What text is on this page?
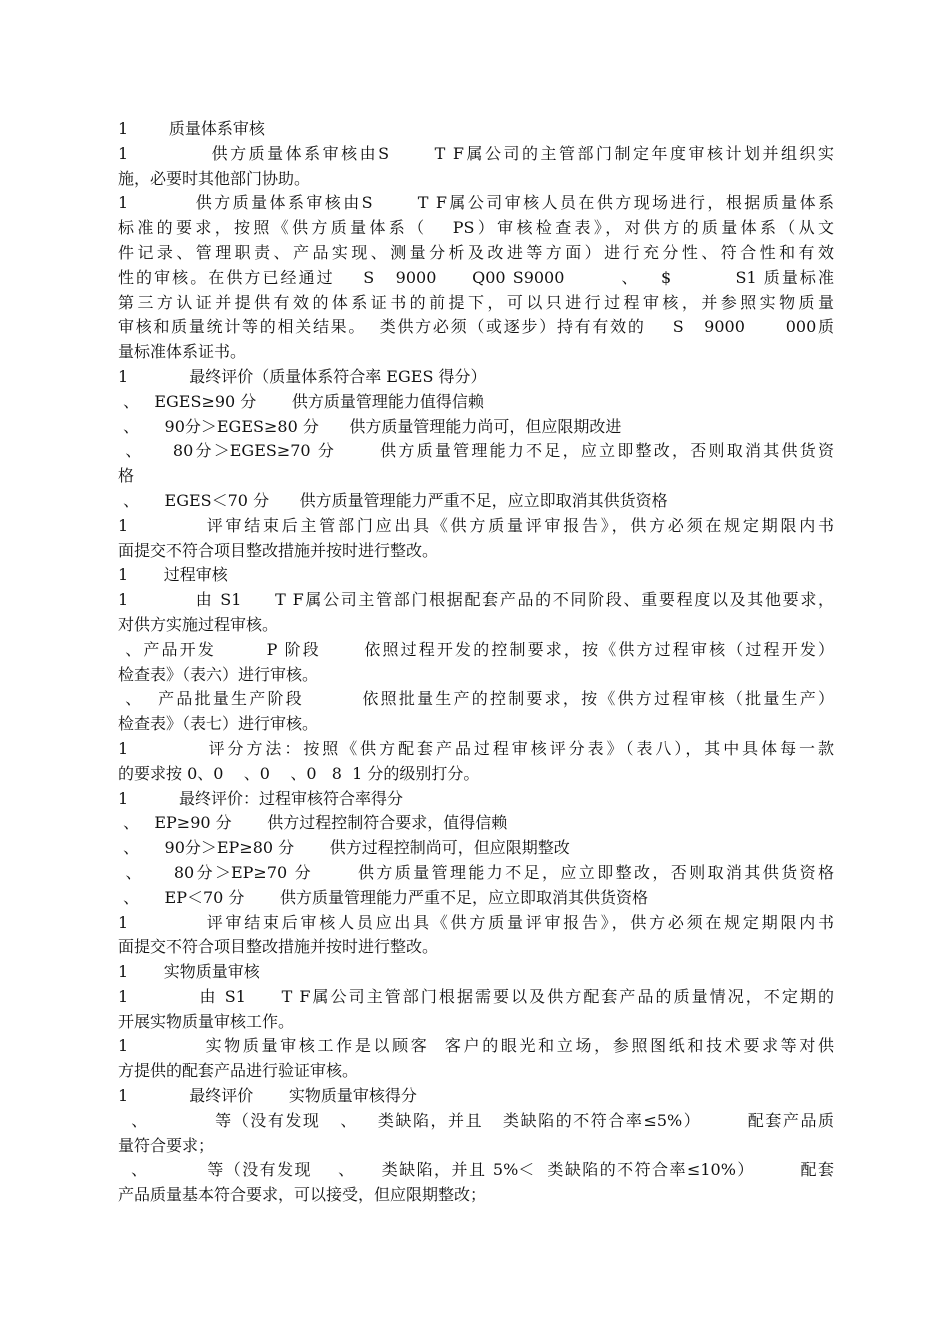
1        质量体系审核
1           供方质量体系审核由S      T F属公司的主管部门制定年度审核计划并组织实
施，必要时其他部门协助。
1         供方质量体系审核由S      T F属公司审核人员在供方现场进行，根据质量体系
标准的要求，按照《供方质量体系（   PS）审核检查表》，对供方的质量体系（从文
件记录、管理职责、产品实现、测量分析及改进等方面）进行充分性、符合性和有效
性的审核。在供方已经通过    S   9000     Q00 S9000        、   $         S1 质量标准
第三方认证并提供有效的体系证书的前提下，可以只进行过程审核，并参照实物质量
审核和质量统计等的相关结果。  类供方必须（或逐步）持有有效的    S   9000      000质
量标准体系证书。
1            最终评价（质量体系符合率 EGES 得分）
、   EGES≥90 分       供方质量管理能力值得信赖
、     90分＞EGES≥80 分      供方质量管理能力尚可，但应限期改进
、    80分＞EGES≥70 分      供方质量管理能力不足，应立即整改，否则取消其供货资
格
、     EGES＜70 分      供方质量管理能力严重不足，应立即取消其供货资格
1          评审结束后主管部门应出具《供方质量评审报告》，供方必须在规定期限内书
面提交不符合项目整改措施并按时进行整改。
1       过程审核
1          由 S1     T F属公司主管部门根据配套产品的不同阶段、重要程度以及其他要求，
对供方实施过程审核。
、产品开发       P 阶段      依照过程开发的控制要求，按《供方过程审核（过程开发）
检查表》（表六）进行审核。
、  产品批量生产阶段        依照批量生产的控制要求，按《供方过程审核（批量生产）
检查表》（表七）进行审核。
1          评分方法：按照《供方配套产品过程审核评分表》（表八），其中具体每一款
的要求按 0、0    、0    、0   8  1 分的级别打分。
1          最终评价：过程审核符合率得分
、   EP≥90 分       供方过程控制符合要求，值得信赖
、     90分＞EP≥80 分       供方过程控制尚可，但应限期整改
、    80分＞EP≥70 分      供方质量管理能力不足，应立即整改，否则取消其供货资格
、     EP＜70 分       供方质量管理能力严重不足，应立即取消其供货资格
1          评审结束后审核人员应出具《供方质量评审报告》，供方必须在规定期限内书
面提交不符合项目整改措施并按时进行整改。
1       实物质量审核
1          由 S1     T F属公司主管部门根据需要以及供方配套产品的质量情况，不定期的
开展实物质量审核工作。
1          实物质量审核工作是以顾客  客户的眼光和立场，参照图纸和技术要求等对供
方提供的配套产品进行验证审核。
1            最终评价       实物质量审核得分
、          等（没有发现   、   类缺陷，并且   类缺陷的不符合率≤5%）       配套产品质
量符合要求；
、         等（没有发现    、    类缺陷，并且 5%＜  类缺陷的不符合率≤10%）       配套
产品质量基本符合要求，可以接受，但应限期整改；
